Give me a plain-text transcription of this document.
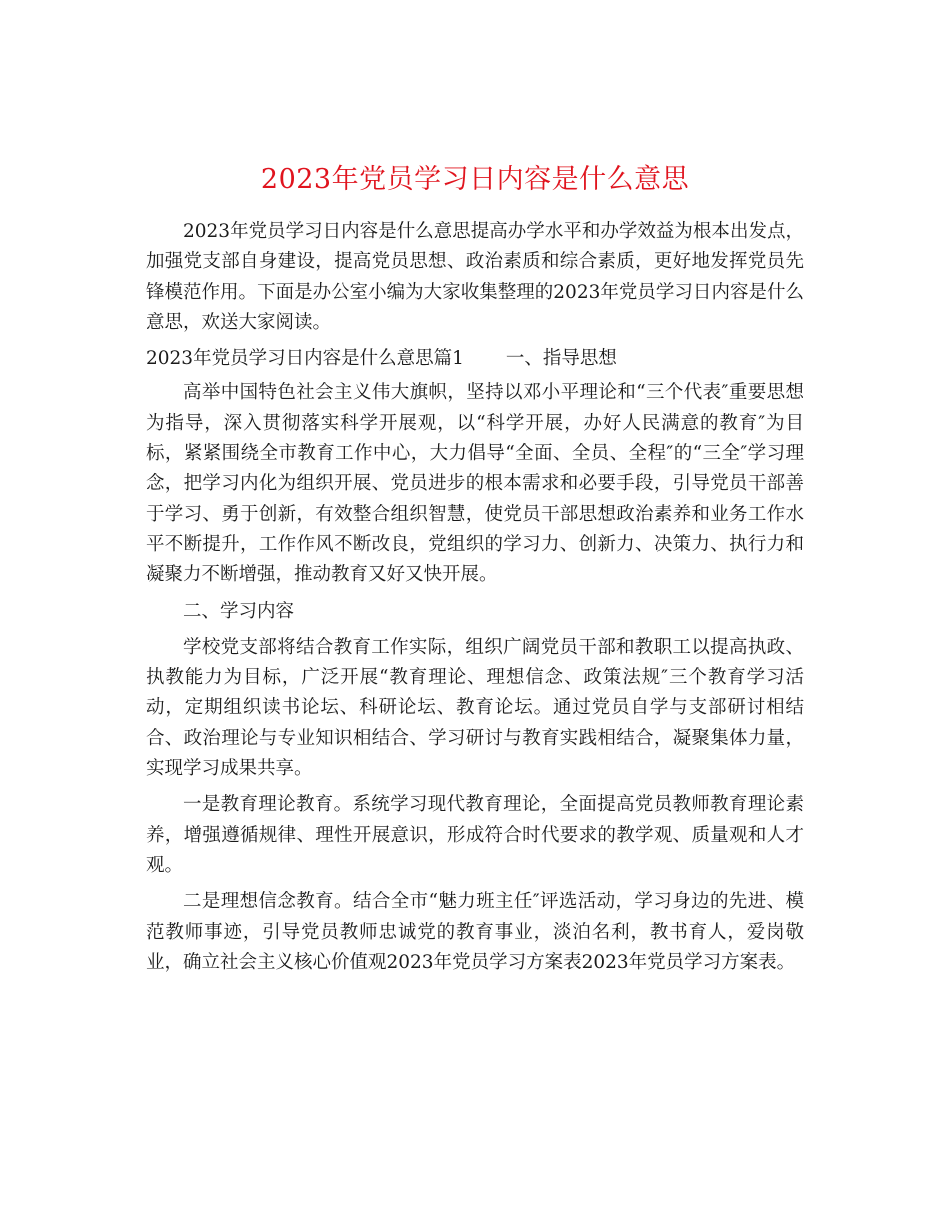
2023年党员学习日内容是什么意思

2023年党员学习日内容是什么意思提高办学水平和办学效益为根本出发点，加强党支部自身建设，提高党员思想、政治素质和综合素质，更好地发挥党员先锋模范作用。下面是办公室小编为大家收集整理的2023年党员学习日内容是什么意思，欢送大家阅读。

2023年党员学习日内容是什么意思篇1 一、指导思想

高举中国特色社会主义伟大旗帜，坚持以邓小平理论和“三个代表″重要思想为指导，深入贯彻落实科学开展观，以“科学开展，办好人民满意的教育″为目标，紧紧围绕全市教育工作中心，大力倡导“全面、全员、全程″的“三全″学习理念，把学习内化为组织开展、党员进步的根本需求和必要手段，引导党员干部善于学习、勇于创新，有效整合组织智慧，使党员干部思想政治素养和业务工作水平不断提升，工作作风不断改良，党组织的学习力、创新力、决策力、执行力和凝聚力不断增强，推动教育又好又快开展。

二、学习内容

学校党支部将结合教育工作实际，组织广阔党员干部和教职工以提高执政、执教能力为目标，广泛开展“教育理论、理想信念、政策法规″三个教育学习活动，定期组织读书论坛、科研论坛、教育论坛。通过党员自学与支部研讨相结合、政治理论与专业知识相结合、学习研讨与教育实践相结合，凝聚集体力量，实现学习成果共享。

一是教育理论教育。系统学习现代教育理论，全面提高党员教师教育理论素养，增强遵循规律、理性开展意识，形成符合时代要求的教学观、质量观和人才观。

二是理想信念教育。结合全市“魅力班主任″评选活动，学习身边的先进、模范教师事迹，引导党员教师忠诚党的教育事业，淡泊名利，教书育人，爱岗敬业，确立社会主义核心价值观2023年党员学习方案表2023年党员学习方案表。
